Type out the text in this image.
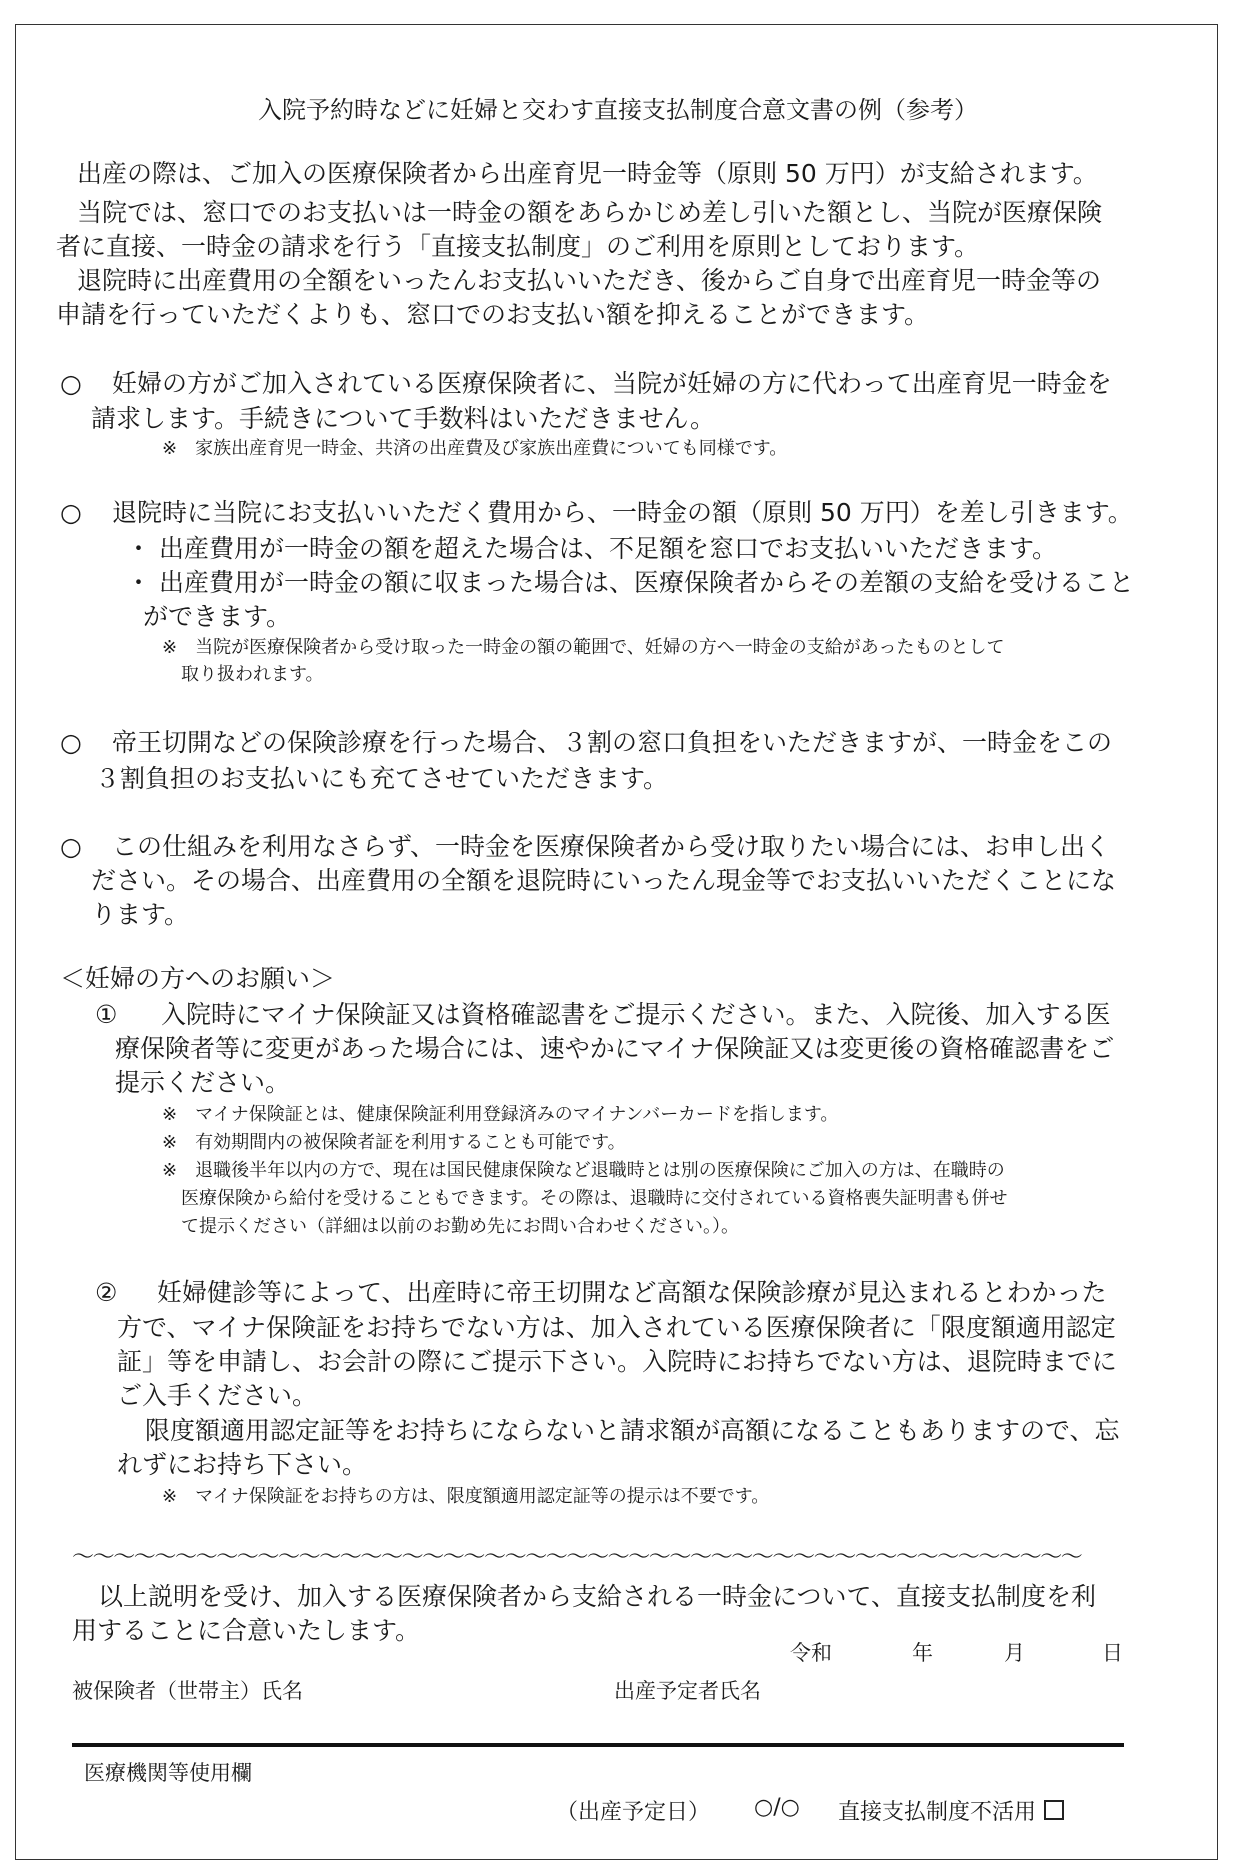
入院予約時などに妊婦と交わす直接支払制度合意文書の例（参考）
出産の際は、ご加入の医療保険者から出産育児一時金等（原則 50 万円）が支給されます。
当院では、窓口でのお支払いは一時金の額をあらかじめ差し引いた額とし、当院が医療保険
者に直接、一時金の請求を行う「直接支払制度」のご利用を原則としております。
退院時に出産費用の全額をいったんお支払いいただき、後からご自身で出産育児一時金等の
申請を行っていただくよりも、窓口でのお支払い額を抑えることができます。
○ 妊婦の方がご加入されている医療保険者に、当院が妊婦の方に代わって出産育児一時金を
請求します。手続きについて手数料はいただきません。
※　家族出産育児一時金、共済の出産費及び家族出産費についても同様です。
○ 退院時に当院にお支払いいただく費用から、一時金の額（原則 50 万円）を差し引きます。
・ 出産費用が一時金の額を超えた場合は、不足額を窓口でお支払いいただきます。
・ 出産費用が一時金の額に収まった場合は、医療保険者からその差額の支給を受けること
ができます。
※　当院が医療保険者から受け取った一時金の額の範囲で、妊婦の方へ一時金の支給があったものとして
取り扱われます。
○ 帝王切開などの保険診療を行った場合、３割の窓口負担をいただきますが、一時金をこの
３割負担のお支払いにも充てさせていただきます。
○ この仕組みを利用なさらず、一時金を医療保険者から受け取りたい場合には、お申し出く
ださい。その場合、出産費用の全額を退院時にいったん現金等でお支払いいただくことにな
ります。
＜妊婦の方へのお願い＞
① 入院時にマイナ保険証又は資格確認書をご提示ください。また、入院後、加入する医
療保険者等に変更があった場合には、速やかにマイナ保険証又は変更後の資格確認書をご
提示ください。
※　マイナ保険証とは、健康保険証利用登録済みのマイナンバーカードを指します。
※　有効期間内の被保険者証を利用することも可能です。
※　退職後半年以内の方で、現在は国民健康保険など退職時とは別の医療保険にご加入の方は、在職時の
医療保険から給付を受けることもできます。その際は、退職時に交付されている資格喪失証明書も併せ
て提示ください（詳細は以前のお勤め先にお問い合わせください。）。
② 妊婦健診等によって、出産時に帝王切開など高額な保険診療が見込まれるとわかった
方で、マイナ保険証をお持ちでない方は、加入されている医療保険者に「限度額適用認定
証」等を申請し、お会計の際にご提示下さい。入院時にお持ちでない方は、退院時までに
ご入手ください。
限度額適用認定証等をお持ちにならないと請求額が高額になることもありますので、忘
れずにお持ち下さい。
※　マイナ保険証をお持ちの方は、限度額適用認定証等の提示は不要です。
～～～～～～～～～～～～～～～～～～～～～～～～～～～～～～～～～～～～～～～～～～～～～～～～～
以上説明を受け、加入する医療保険者から支給される一時金について、直接支払制度を利
用することに合意いたします。
令和	年	月	日
被保険者（世帯主）氏名	出産予定者氏名
医療機関等使用欄
（出産予定日） ○/○ 直接支払制度不活用
